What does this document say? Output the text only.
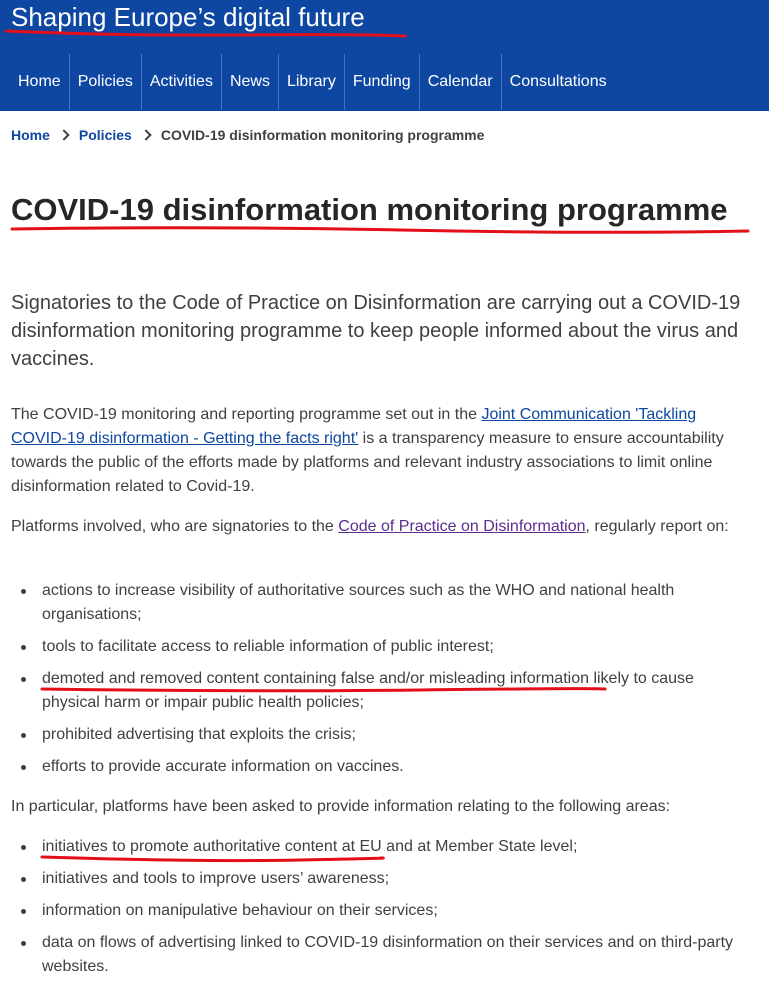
Shaping Europe’s digital future
Home	Policies	Activities	News	Library	Funding	Calendar	Consultations
Home Policies COVID-19 disinformation monitoring programme
COVID-19 disinformation monitoring programme

Signatories to the Code of Practice on Disinformation are carrying out a COVID-19 disinformation monitoring programme to keep people informed about the virus and vaccines.

The COVID-19 monitoring and reporting programme set out in the Joint Communication 'Tackling COVID-19 disinformation - Getting the facts right' is a transparency measure to ensure accountability towards the public of the efforts made by platforms and relevant industry associations to limit online disinformation related to Covid-19.

Platforms involved, who are signatories to the Code of Practice on Disinformation, regularly report on:

actions to increase visibility of authoritative sources such as the WHO and national health organisations;
tools to facilitate access to reliable information of public interest;
demoted and removed content containing false and/or misleading information likely to cause physical harm or impair public health policies;
prohibited advertising that exploits the crisis;
efforts to provide accurate information on vaccines.

In particular, platforms have been asked to provide information relating to the following areas:

initiatives to promote authoritative content at EU and at Member State level;
initiatives and tools to improve users’ awareness;
information on manipulative behaviour on their services;
data on flows of advertising linked to COVID-19 disinformation on their services and on third-party websites.
